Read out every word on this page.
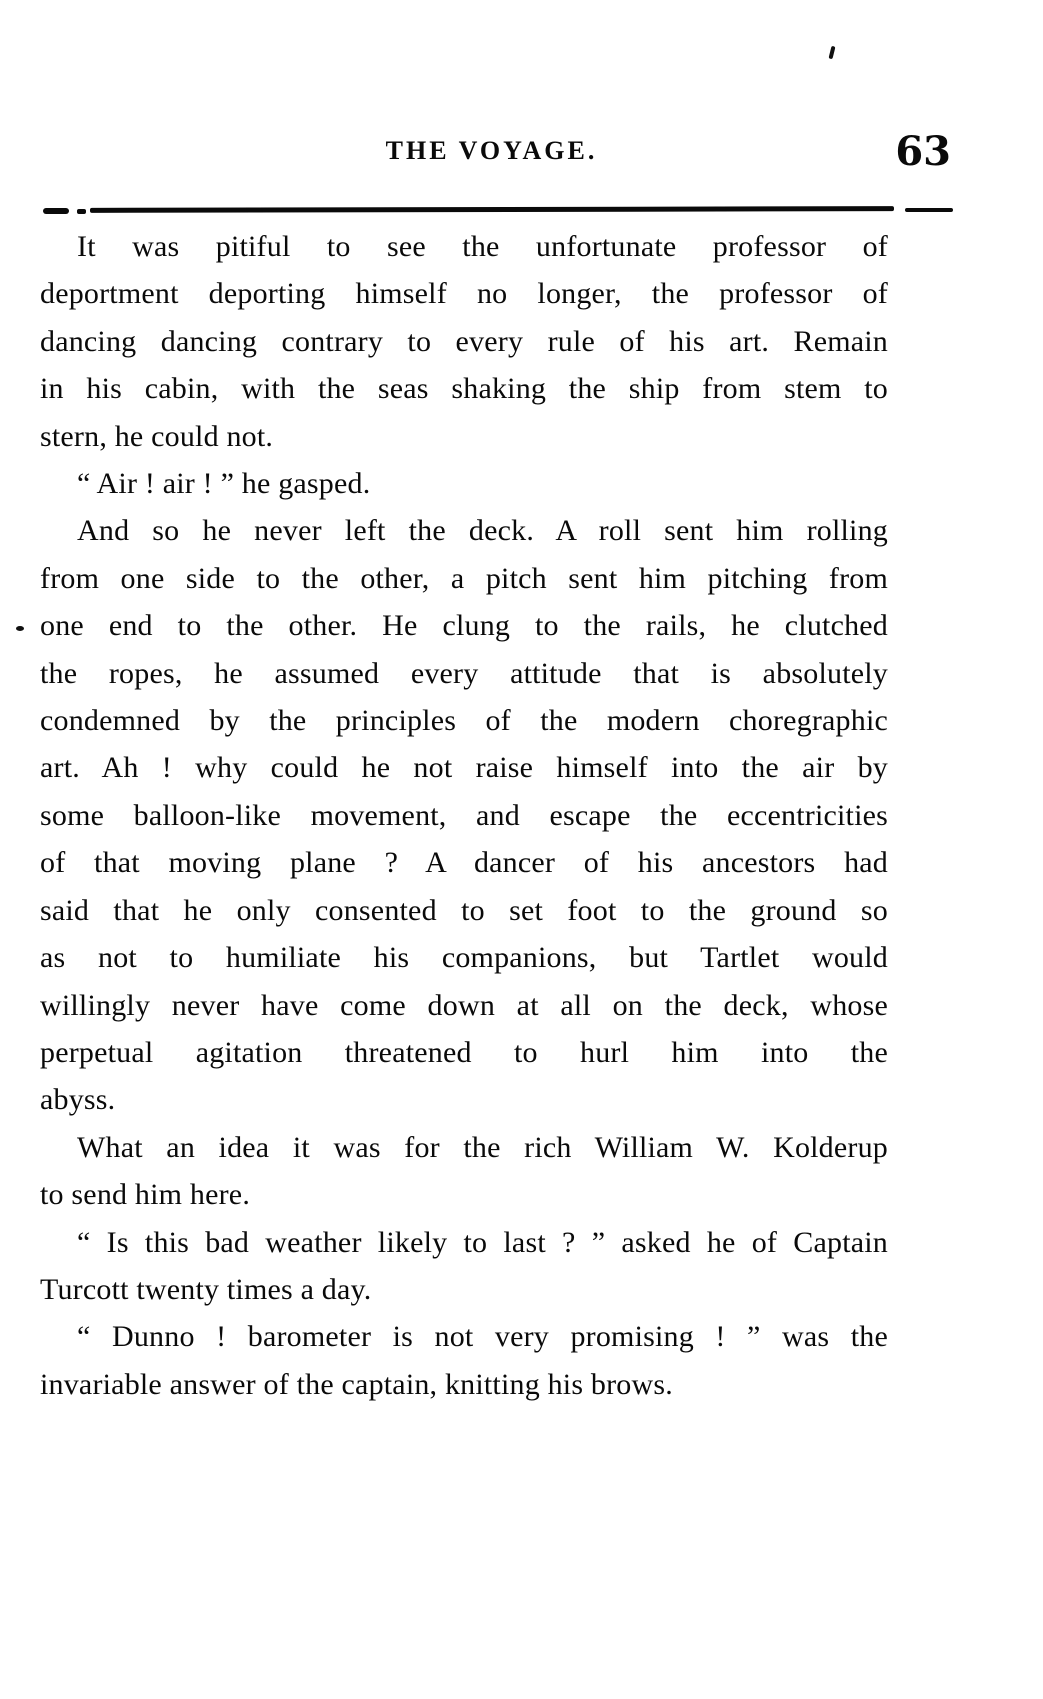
THE VOYAGE.	63

It was pitiful to see the unfortunate professor of
deportment deporting himself no longer, the professor of
dancing dancing contrary to every rule of his art. Remain
in his cabin, with the seas shaking the ship from stem to
stern, he could not.

“ Air ! air ! ” he gasped.

And so he never left the deck. A roll sent him rolling
from one side to the other, a pitch sent him pitching from
one end to the other. He clung to the rails, he clutched
the ropes, he assumed every attitude that is absolutely
condemned by the principles of the modern choregraphic
art. Ah ! why could he not raise himself into the air by
some balloon-like movement, and escape the eccentricities
of that moving plane ? A dancer of his ancestors had
said that he only consented to set foot to the ground so
as not to humiliate his companions, but Tartlet would
willingly never have come down at all on the deck, whose
perpetual agitation threatened to hurl him into the
abyss.

What an idea it was for the rich William W. Kolderup
to send him here.

“ Is this bad weather likely to last ? ” asked he of Captain
Turcott twenty times a day.

“ Dunno ! barometer is not very promising ! ” was the
invariable answer of the captain, knitting his brows.
